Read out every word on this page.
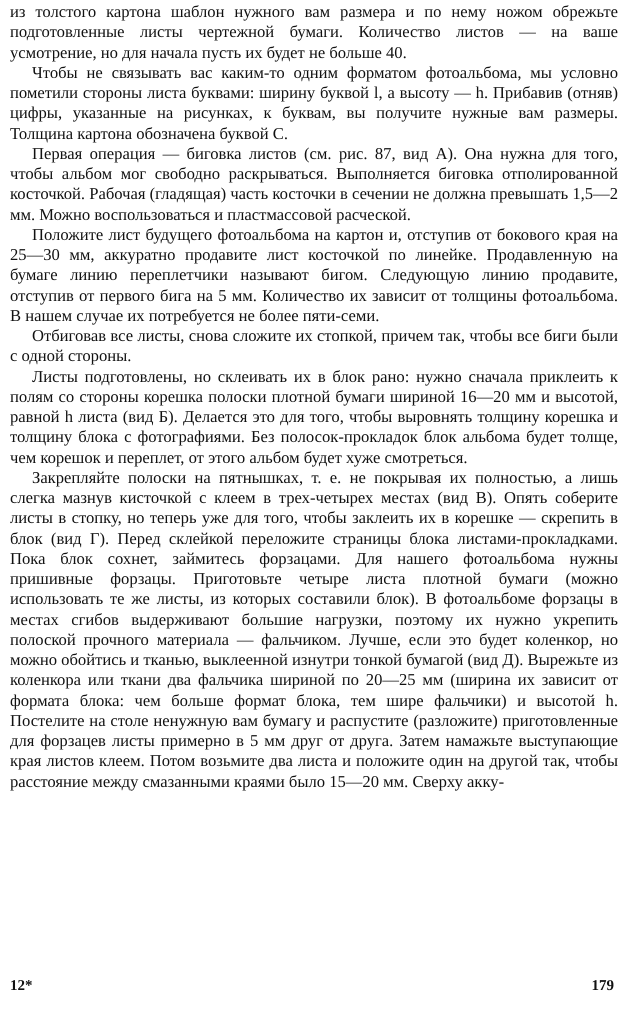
из толстого картона шаблон нужного вам размера и по нему ножом обрежьте подготовленные листы чертежной бумаги. Количество листов — на ваше усмотрение, но для начала пусть их будет не больше 40.

Чтобы не связывать вас каким-то одним форматом фотоальбома, мы условно пометили стороны листа буквами: ширину буквой l, а высоту — h. Прибавив (отняв) цифры, указанные на рисунках, к буквам, вы получите нужные вам размеры. Толщина картона обозначена буквой С.

Первая операция — биговка листов (см. рис. 87, вид А). Она нужна для того, чтобы альбом мог свободно раскрываться. Выполняется биговка отполированной косточкой. Рабочая (гладящая) часть косточки в сечении не должна превышать 1,5—2 мм. Можно воспользоваться и пластмассовой расческой.

Положите лист будущего фотоальбома на картон и, отступив от бокового края на 25—30 мм, аккуратно продавите лист косточкой по линейке. Продавленную на бумаге линию переплетчики называют бигом. Следующую линию продавите, отступив от первого бига на 5 мм. Количество их зависит от толщины фотоальбома. В нашем случае их потребуется не более пяти-семи.

Отбиговав все листы, снова сложите их стопкой, причем так, чтобы все биги были с одной стороны.

Листы подготовлены, но склеивать их в блок рано: нужно сначала приклеить к полям со стороны корешка полоски плотной бумаги шириной 16—20 мм и высотой, равной h листа (вид Б). Делается это для того, чтобы выровнять толщину корешка и толщину блока с фотографиями. Без полосок-прокладок блок альбома будет толще, чем корешок и переплет, от этого альбом будет хуже смотреться.

Закрепляйте полоски на пятнышках, т. е. не покрывая их полностью, а лишь слегка мазнув кисточкой с клеем в трех-четырех местах (вид В). Опять соберите листы в стопку, но теперь уже для того, чтобы заклеить их в корешке — скрепить в блок (вид Г). Перед склейкой переложите страницы блока листами-прокладками. Пока блок сохнет, займитесь форзацами. Для нашего фотоальбома нужны пришивные форзацы. Приготовьте четыре листа плотной бумаги (можно использовать те же листы, из которых составили блок). В фотоальбоме форзацы в местах сгибов выдерживают большие нагрузки, поэтому их нужно укрепить полоской прочного материала — фальчиком. Лучше, если это будет коленкор, но можно обойтись и тканью, выклеенной изнутри тонкой бумагой (вид Д). Вырежьте из коленкора или ткани два фальчика шириной по 20—25 мм (ширина их зависит от формата блока: чем больше формат блока, тем шире фальчики) и высотой h. Постелите на столе ненужную вам бумагу и распустите (разложите) приготовленные для форзацев листы примерно в 5 мм друг от друга. Затем намажьте выступающие края листов клеем. Потом возьмите два листа и положите один на другой так, чтобы расстояние между смазанными краями было 15—20 мм. Сверху акку-

12*	179
